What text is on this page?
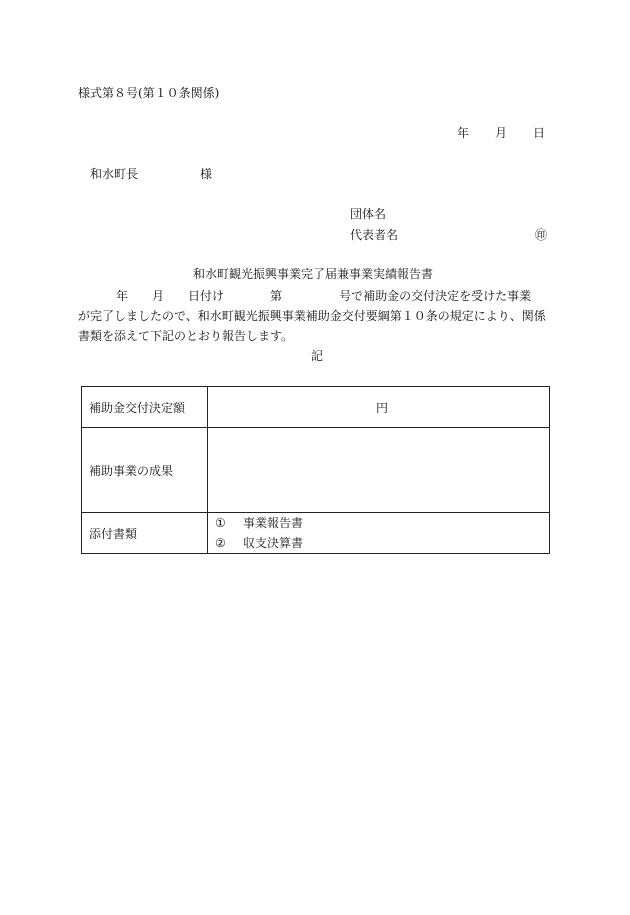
様式第８号(第１０条関係)
年 月 日
和水町長	様
団体名
代表者名	㊞
和水町観光振興事業完了届兼事業実績報告書
年 月 日付け	第	号で補助金の交付決定を受けた事業
が完了しましたので、和水町観光振興事業補助金交付要綱第１０条の規定により、関係
書類を添えて下記のとおり報告します。
記
補助金交付決定額	円
補助事業の成果	
添付書類	① 事業報告書
② 収支決算書
